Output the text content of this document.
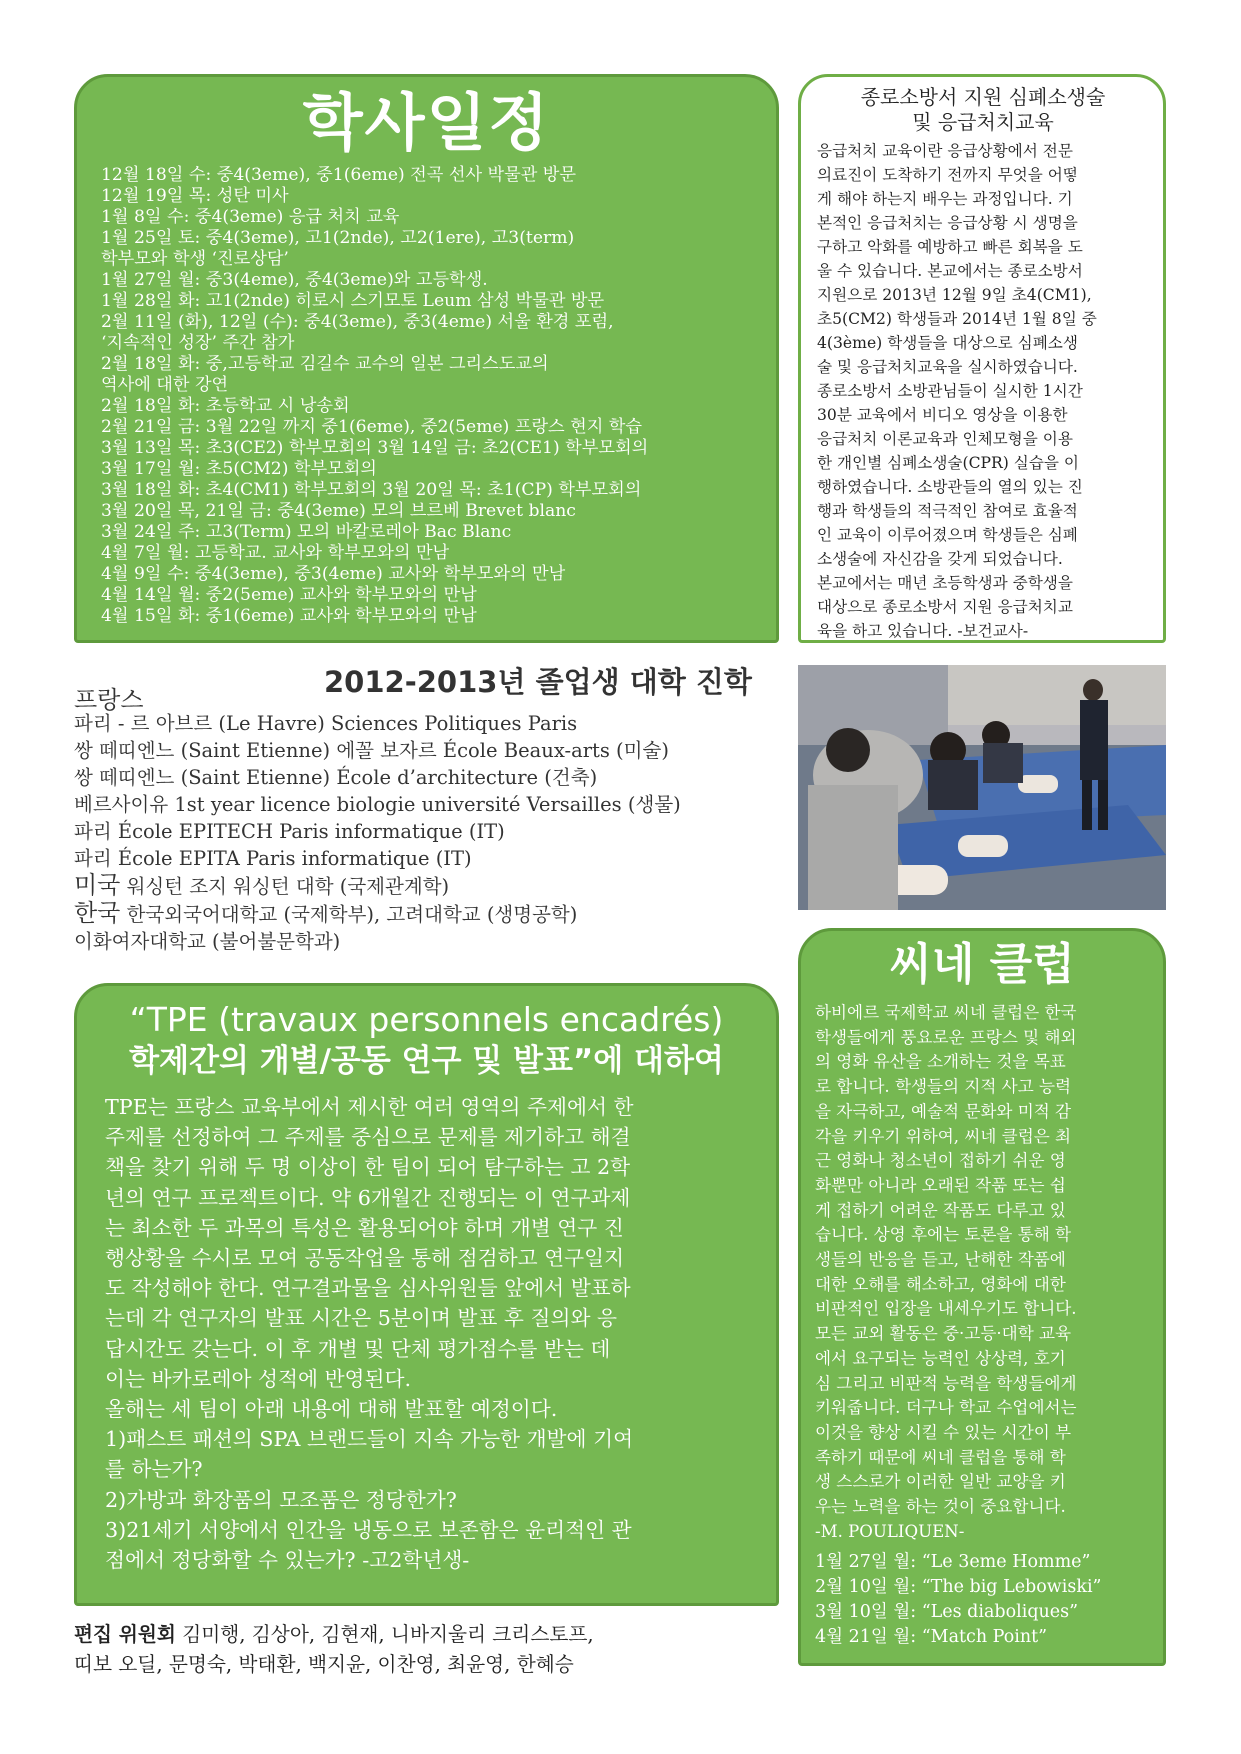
학사일정
12월 18일 수: 중4(3eme), 중1(6eme) 전곡 선사 박물관 방문
12월 19일 목: 성탄 미사
1월 8일 수: 중4(3eme) 응급 처치 교육
1월 25일 토: 중4(3eme), 고1(2nde), 고2(1ere), 고3(term)
학부모와 학생 ‘진로상담’
1월 27일 월: 중3(4eme), 중4(3eme)와 고등학생.
1월 28일 화: 고1(2nde) 히로시 스기모토 Leum 삼성 박물관 방문
2월 11일 (화), 12일 (수): 중4(3eme), 중3(4eme) 서울 환경 포럼,
‘지속적인 성장’ 주간 참가
2월 18일 화: 중,고등학교 김길수 교수의 일본 그리스도교의
역사에 대한 강연
2월 18일 화: 초등학교 시 낭송회
2월 21일 금: 3월 22일 까지 중1(6eme), 중2(5eme) 프랑스 현지 학습
3월 13일 목: 초3(CE2) 학부모회의 3월 14일 금: 초2(CE1) 학부모회의
3월 17일 월: 초5(CM2) 학부모회의
3월 18일 화: 초4(CM1) 학부모회의 3월 20일 목: 초1(CP) 학부모회의
3월 20일 목, 21일 금: 중4(3eme) 모의 브르베 Brevet blanc
3월 24일 주: 고3(Term) 모의 바칼로레아 Bac Blanc
4월 7일 월: 고등학교. 교사와 학부모와의 만남
4월 9일 수: 중4(3eme), 중3(4eme) 교사와 학부모와의 만남
4월 14일 월: 중2(5eme) 교사와 학부모와의 만남
4월 15일 화: 중1(6eme) 교사와 학부모와의 만남
종로소방서 지원 심폐소생술
및 응급처치교육

응급처치 교육이란 응급상황에서 전문
의료진이 도착하기 전까지 무엇을 어떻
게 해야 하는지 배우는 과정입니다. 기
본적인 응급처치는 응급상황 시 생명을
구하고 악화를 예방하고 빠른 회복을 도
울 수 있습니다. 본교에서는 종로소방서
지원으로 2013년 12월 9일 초4(CM1),
초5(CM2) 학생들과 2014년 1월 8일 중
4(3ème) 학생들을 대상으로 심폐소생
술 및 응급처치교육을 실시하였습니다.
종로소방서 소방관님들이 실시한 1시간
30분 교육에서 비디오 영상을 이용한
응급처치 이론교육과 인체모형을 이용
한 개인별 심폐소생술(CPR) 실습을 이
행하였습니다. 소방관들의 열의 있는 진
행과 학생들의 적극적인 참여로 효율적
인 교육이 이루어졌으며 학생들은 심폐
소생술에 자신감을 갖게 되었습니다.
본교에서는 매년 초등학생과 중학생을
대상으로 종로소방서 지원 응급처치교
육을 하고 있습니다. -보건교사-

2012-2013년 졸업생 대학 진학
프랑스
파리 - 르 아브르 (Le Havre) Sciences Politiques Paris
쌍 떼띠엔느 (Saint Etienne) 에꼴 보자르 École Beaux-arts (미술)
쌍 떼띠엔느 (Saint Etienne) École d’architecture (건축)
베르사이유 1st year licence biologie université Versailles (생물)
파리 École EPITECH Paris informatique (IT)
파리 École EPITA Paris informatique (IT)
미국 워싱턴 조지 워싱턴 대학 (국제관계학)
한국 한국외국어대학교 (국제학부), 고려대학교 (생명공학)
이화여자대학교 (불어불문학과)
“TPE (travaux personnels encadrés)
학제간의 개별/공동 연구 및 발표”에 대하여

TPE는 프랑스 교육부에서 제시한 여러 영역의 주제에서 한
주제를 선정하여 그 주제를 중심으로 문제를 제기하고 해결
책을 찾기 위해 두 명 이상이 한 팀이 되어 탐구하는 고 2학
년의 연구 프로젝트이다. 약 6개월간 진행되는 이 연구과제
는 최소한 두 과목의 특성은 활용되어야 하며 개별 연구 진
행상황을 수시로 모여 공동작업을 통해 점검하고 연구일지
도 작성해야 한다. 연구결과물을 심사위원들 앞에서 발표하
는데 각 연구자의 발표 시간은 5분이며 발표 후 질의와 응
답시간도 갖는다. 이 후 개별 및 단체 평가점수를 받는 데
이는 바카로레아 성적에 반영된다.
올해는 세 팀이 아래 내용에 대해 발표할 예정이다.
1)패스트 패션의 SPA 브랜드들이 지속 가능한 개발에 기여
를 하는가?
2)가방과 화장품의 모조품은 정당한가?
3)21세기 서양에서 인간을 냉동으로 보존함은 윤리적인 관
점에서 정당화할 수 있는가? -고2학년생-

씨네 클럽

하비에르 국제학교 씨네 클럽은 한국
학생들에게 풍요로운 프랑스 및 해외
의 영화 유산을 소개하는 것을 목표
로 합니다. 학생들의 지적 사고 능력
을 자극하고, 예술적 문화와 미적 감
각을 키우기 위하여, 씨네 클럽은 최
근 영화나 청소년이 접하기 쉬운 영
화뿐만 아니라 오래된 작품 또는 쉽
게 접하기 어려운 작품도 다루고 있
습니다. 상영 후에는 토론을 통해 학
생들의 반응을 듣고, 난해한 작품에
대한 오해를 해소하고, 영화에 대한
비판적인 입장을 내세우기도 합니다.
모든 교외 활동은 중·고등·대학 교육
에서 요구되는 능력인 상상력, 호기
심 그리고 비판적 능력을 학생들에게
키워줍니다. 더구나 학교 수업에서는
이것을 향상 시킬 수 있는 시간이 부
족하기 때문에 씨네 클럽을 통해 학
생 스스로가 이러한 일반 교양을 키
우는 노력을 하는 것이 중요합니다.
-M. POULIQUEN-

1월 27일 월: “Le 3eme Homme”
2월 10일 월: “The big Lebowiski”
3월 10일 월: “Les diaboliques”
4월 21일 월: “Match Point”
편집 위원회 김미행, 김상아, 김현재, 니바지울리 크리스토프,
띠보 오딜, 문명숙, 박태환, 백지윤, 이찬영, 최윤영, 한혜승
